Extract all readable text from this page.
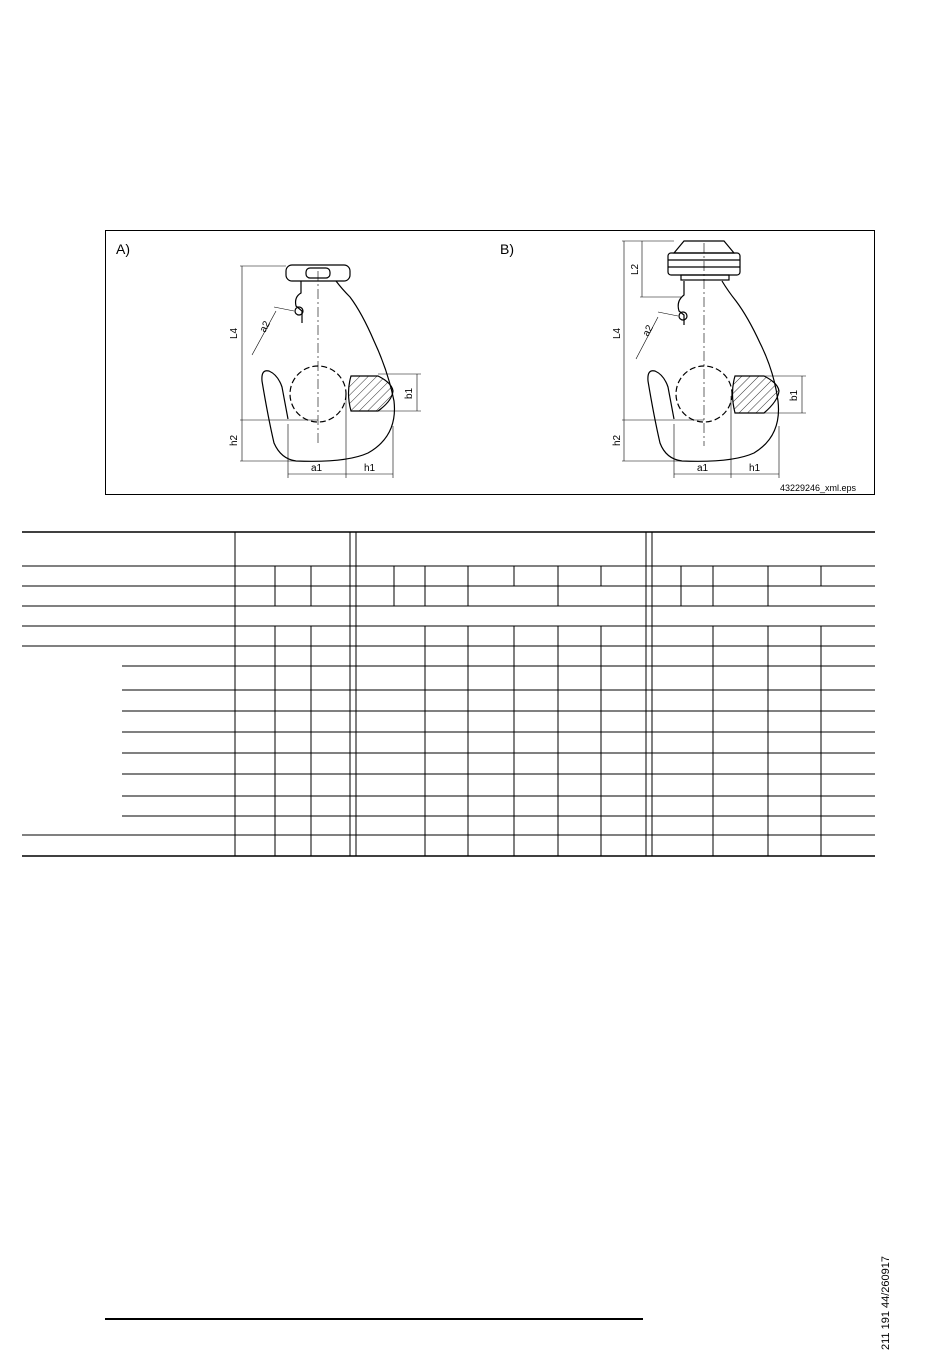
A)
L4 a2
h2
b1
a1	h1
B)
L2
L4 a2
h2
b1
a1	h1
43229246_xml.eps
211 191 44/260917
